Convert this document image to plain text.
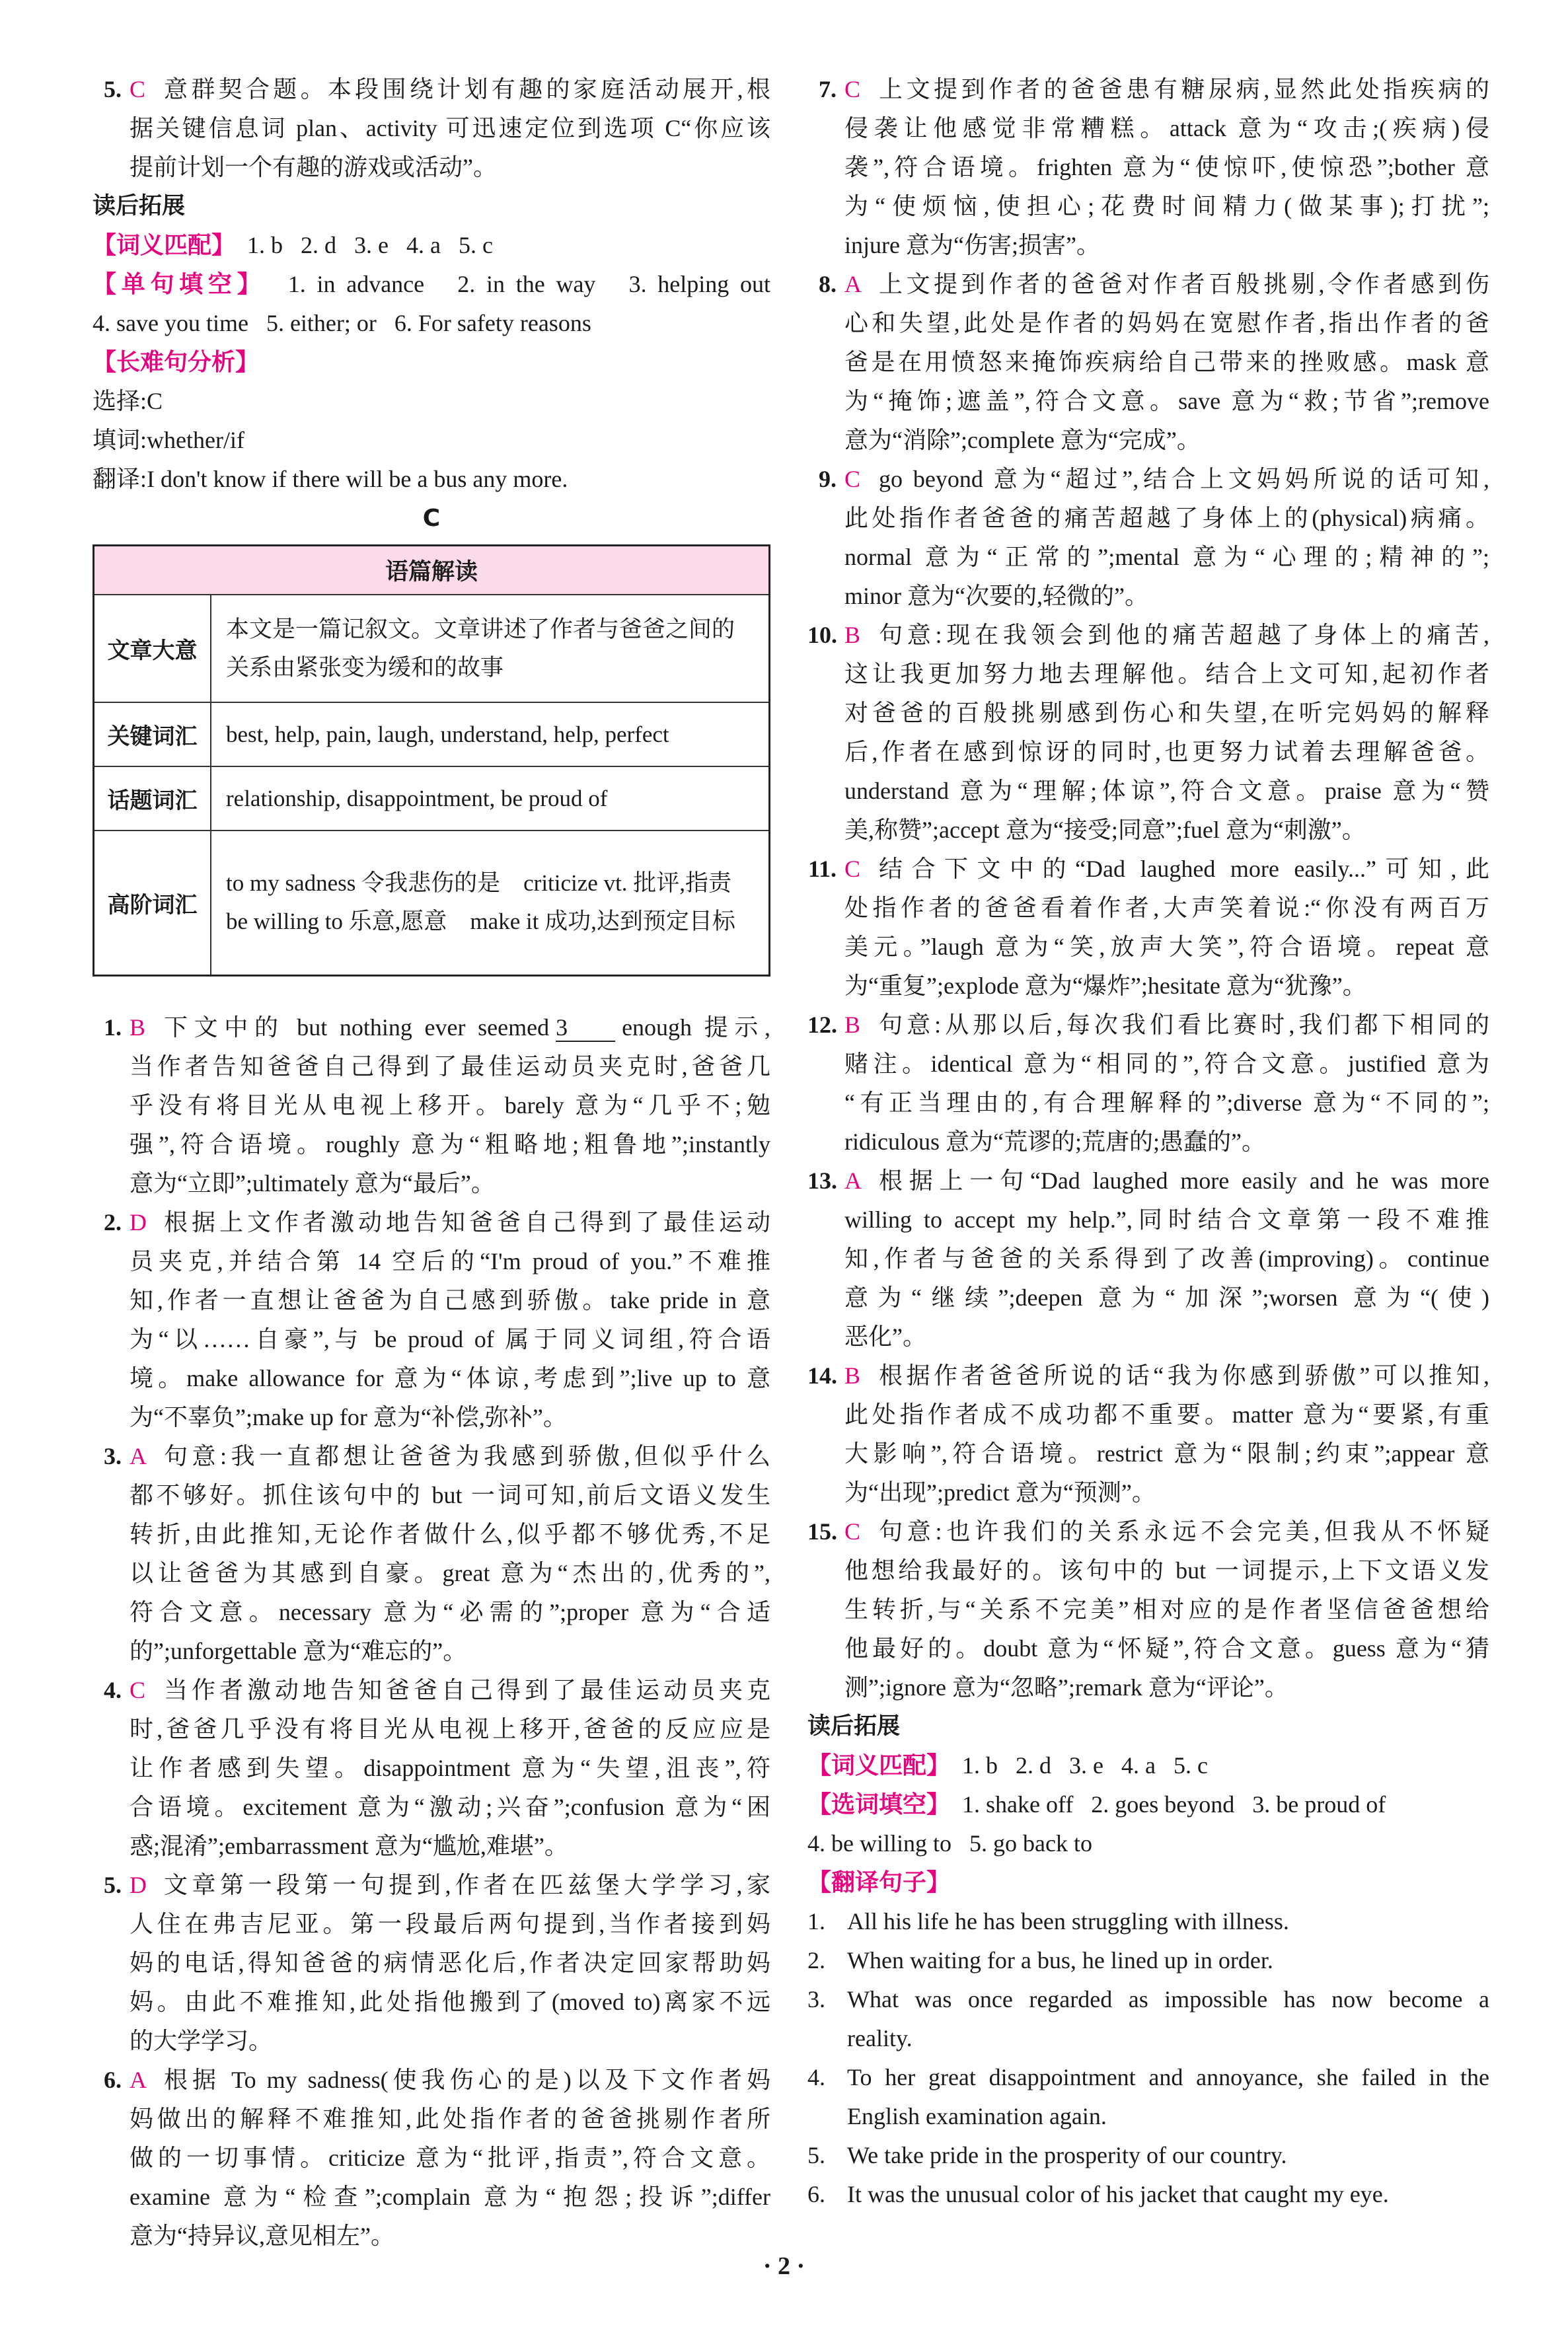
5. C 意群契合题。本段围绕计划有趣的家庭活动展开,根
据关键信息词 plan、activity 可迅速定位到选项 C“你应该
提前计划一个有趣的游戏或活动”。
读后拓展
【词义匹配】 1. b   2. d   3. e   4. a   5. c
【单句填空】 1. in advance   2. in the way   3. helping out
4. save you time   5. either; or   6. For safety reasons
【长难句分析】
选择:C
填词:whether/if
翻译:I don't know if there will be a bus any more.
C
语篇解读	
文章大意	本文是一篇记叙文。文章讲述了作者与爸爸之间的关系由紧张变为缓和的故事
关键词汇	best, help, pain, laugh, understand, help, perfect
话题词汇	relationship, disappointment, be proud of
高阶词汇	to my sadness 令我悲伤的是　criticize vt. 批评,指责　be willing to 乐意,愿意　make it 成功,达到预定目标
1. B 下文中的 but nothing ever seemed 3 enough 提示,
当作者告知爸爸自己得到了最佳运动员夹克时,爸爸几
乎没有将目光从电视上移开。barely 意为“几乎不;勉
强”,符合语境。roughly 意为“粗略地;粗鲁地”;instantly
意为“立即”;ultimately 意为“最后”。
2. D 根据上文作者激动地告知爸爸自己得到了最佳运动
员夹克,并结合第 14 空后的“I'm proud of you.”不难推
知,作者一直想让爸爸为自己感到骄傲。take pride in 意
为“以……自豪”,与 be proud of 属于同义词组,符合语
境。make allowance for 意为“体谅,考虑到”;live up to 意
为“不辜负”;make up for 意为“补偿,弥补”。
3. A 句意:我一直都想让爸爸为我感到骄傲,但似乎什么
都不够好。抓住该句中的 but 一词可知,前后文语义发生
转折,由此推知,无论作者做什么,似乎都不够优秀,不足
以让爸爸为其感到自豪。great 意为“杰出的,优秀的”,
符合文意。necessary 意为“必需的”;proper 意为“合适
的”;unforgettable 意为“难忘的”。
4. C 当作者激动地告知爸爸自己得到了最佳运动员夹克
时,爸爸几乎没有将目光从电视上移开,爸爸的反应应是
让作者感到失望。disappointment 意为“失望,沮丧”,符
合语境。excitement 意为“激动;兴奋”;confusion 意为“困
惑;混淆”;embarrassment 意为“尴尬,难堪”。
5. D 文章第一段第一句提到,作者在匹兹堡大学学习,家
人住在弗吉尼亚。第一段最后两句提到,当作者接到妈
妈的电话,得知爸爸的病情恶化后,作者决定回家帮助妈
妈。由此不难推知,此处指他搬到了(moved to)离家不远
的大学学习。
6. A 根据 To my sadness(使我伤心的是)以及下文作者妈
妈做出的解释不难推知,此处指作者的爸爸挑剔作者所
做的一切事情。criticize 意为“批评,指责”,符合文意。
examine 意为“检查”;complain 意为“抱怨;投诉”;differ
意为“持异议,意见相左”。
7. C 上文提到作者的爸爸患有糖尿病,显然此处指疾病的
侵袭让他感觉非常糟糕。attack 意为“攻击;(疾病)侵
袭”,符合语境。frighten 意为“使惊吓,使惊恐”;bother 意
为“使烦恼,使担心;花费时间精力(做某事);打扰”;
injure 意为“伤害;损害”。
8. A 上文提到作者的爸爸对作者百般挑剔,令作者感到伤
心和失望,此处是作者的妈妈在宽慰作者,指出作者的爸
爸是在用愤怒来掩饰疾病给自己带来的挫败感。mask 意
为“掩饰;遮盖”,符合文意。save 意为“救;节省”;remove
意为“消除”;complete 意为“完成”。
9. C go beyond 意为“超过”,结合上文妈妈所说的话可知,
此处指作者爸爸的痛苦超越了身体上的(physical)病痛。
normal 意为“正常的”;mental 意为“心理的;精神的”;
minor 意为“次要的,轻微的”。
10. B 句意:现在我领会到他的痛苦超越了身体上的痛苦,
这让我更加努力地去理解他。结合上文可知,起初作者
对爸爸的百般挑剔感到伤心和失望,在听完妈妈的解释
后,作者在感到惊讶的同时,也更努力试着去理解爸爸。
understand 意为“理解;体谅”,符合文意。praise 意为“赞
美,称赞”;accept 意为“接受;同意”;fuel 意为“刺激”。
11. C 结合下文中的“Dad laughed more easily...”可知,此
处指作者的爸爸看着作者,大声笑着说:“你没有两百万
美元。”laugh 意为“笑,放声大笑”,符合语境。repeat 意
为“重复”;explode 意为“爆炸”;hesitate 意为“犹豫”。
12. B 句意:从那以后,每次我们看比赛时,我们都下相同的
赌注。identical 意为“相同的”,符合文意。justified 意为
“有正当理由的,有合理解释的”;diverse 意为“不同的”;
ridiculous 意为“荒谬的;荒唐的;愚蠢的”。
13. A 根据上一句“Dad laughed more easily and he was more
willing to accept my help.”,同时结合文章第一段不难推
知,作者与爸爸的关系得到了改善(improving)。continue
意为“继续”;deepen 意为“加深”;worsen 意为“(使)
恶化”。
14. B 根据作者爸爸所说的话“我为你感到骄傲”可以推知,
此处指作者成不成功都不重要。matter 意为“要紧,有重
大影响”,符合语境。restrict 意为“限制;约束”;appear 意
为“出现”;predict 意为“预测”。
15. C 句意:也许我们的关系永远不会完美,但我从不怀疑
他想给我最好的。该句中的 but 一词提示,上下文语义发
生转折,与“关系不完美”相对应的是作者坚信爸爸想给
他最好的。doubt 意为“怀疑”,符合文意。guess 意为“猜
测”;ignore 意为“忽略”;remark 意为“评论”。
读后拓展
【词义匹配】 1. b   2. d   3. e   4. a   5. c
【选词填空】 1. shake off   2. goes beyond   3. be proud of
4. be willing to   5. go back to
【翻译句子】
1. All his life he has been struggling with illness.
2. When waiting for a bus, he lined up in order.
3. What was once regarded as impossible has now become a
reality.
4. To her great disappointment and annoyance, she failed in the
English examination again.
5. We take pride in the prosperity of our country.
6. It was the unusual color of his jacket that caught my eye.
· 2 ·
